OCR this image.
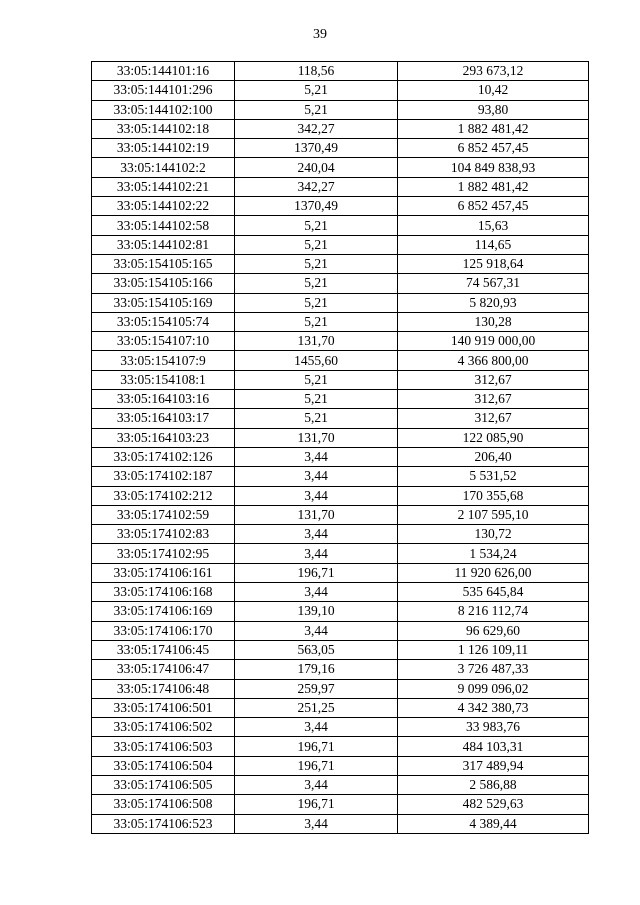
39
33:05:144101:16	118,56	293 673,12
33:05:144101:296	5,21	10,42
33:05:144102:100	5,21	93,80
33:05:144102:18	342,27	1 882 481,42
33:05:144102:19	1370,49	6 852 457,45
33:05:144102:2	240,04	104 849 838,93
33:05:144102:21	342,27	1 882 481,42
33:05:144102:22	1370,49	6 852 457,45
33:05:144102:58	5,21	15,63
33:05:144102:81	5,21	114,65
33:05:154105:165	5,21	125 918,64
33:05:154105:166	5,21	74 567,31
33:05:154105:169	5,21	5 820,93
33:05:154105:74	5,21	130,28
33:05:154107:10	131,70	140 919 000,00
33:05:154107:9	1455,60	4 366 800,00
33:05:154108:1	5,21	312,67
33:05:164103:16	5,21	312,67
33:05:164103:17	5,21	312,67
33:05:164103:23	131,70	122 085,90
33:05:174102:126	3,44	206,40
33:05:174102:187	3,44	5 531,52
33:05:174102:212	3,44	170 355,68
33:05:174102:59	131,70	2 107 595,10
33:05:174102:83	3,44	130,72
33:05:174102:95	3,44	1 534,24
33:05:174106:161	196,71	11 920 626,00
33:05:174106:168	3,44	535 645,84
33:05:174106:169	139,10	8 216 112,74
33:05:174106:170	3,44	96 629,60
33:05:174106:45	563,05	1 126 109,11
33:05:174106:47	179,16	3 726 487,33
33:05:174106:48	259,97	9 099 096,02
33:05:174106:501	251,25	4 342 380,73
33:05:174106:502	3,44	33 983,76
33:05:174106:503	196,71	484 103,31
33:05:174106:504	196,71	317 489,94
33:05:174106:505	3,44	2 586,88
33:05:174106:508	196,71	482 529,63
33:05:174106:523	3,44	4 389,44
